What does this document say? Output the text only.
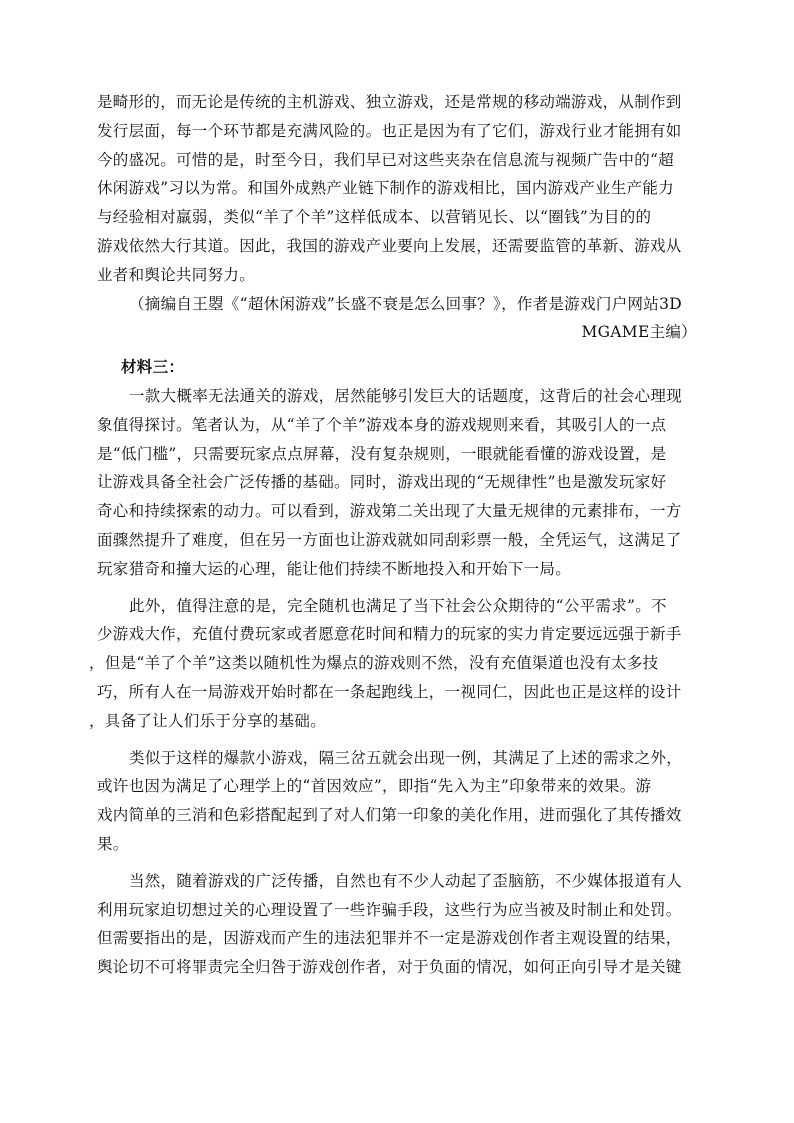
是畸形的，而无论是传统的主机游戏、独立游戏，还是常规的移动端游戏，从制作到
发行层面，每一个环节都是充满风险的。也正是因为有了它们，游戏行业才能拥有如
今的盛况。可惜的是，时至今日，我们早已对这些夹杂在信息流与视频广告中的“超
休闲游戏”习以为常。和国外成熟产业链下制作的游戏相比，国内游戏产业生产能力
与经验相对羸弱，类似“羊了个羊”这样低成本、以营销见长、以“圈钱”为目的的
游戏依然大行其道。因此，我国的游戏产业要向上发展，还需要监管的革新、游戏从
业者和舆论共同努力。
（摘编自王曌《“超休闲游戏”长盛不衰是怎么回事？》，作者是游戏门户网站3D
MGAME主编）
材料三：
一款大概率无法通关的游戏，居然能够引发巨大的话题度，这背后的社会心理现
象值得探讨。笔者认为，从“羊了个羊”游戏本身的游戏规则来看，其吸引人的一点
是“低门槛”，只需要玩家点点屏幕，没有复杂规则，一眼就能看懂的游戏设置，是
让游戏具备全社会广泛传播的基础。同时，游戏出现的“无规律性”也是激发玩家好
奇心和持续探索的动力。可以看到，游戏第二关出现了大量无规律的元素排布，一方
面骤然提升了难度，但在另一方面也让游戏就如同刮彩票一般，全凭运气，这满足了
玩家猎奇和撞大运的心理，能让他们持续不断地投入和开始下一局。
此外，值得注意的是，完全随机也满足了当下社会公众期待的“公平需求”。不
少游戏大作，充值付费玩家或者愿意花时间和精力的玩家的实力肯定要远远强于新手
，但是“羊了个羊”这类以随机性为爆点的游戏则不然，没有充值渠道也没有太多技
巧，所有人在一局游戏开始时都在一条起跑线上，一视同仁，因此也正是这样的设计
，具备了让人们乐于分享的基础。
类似于这样的爆款小游戏，隔三岔五就会出现一例，其满足了上述的需求之外，
或许也因为满足了心理学上的“首因效应”，即指“先入为主”印象带来的效果。游
戏内简单的三消和色彩搭配起到了对人们第一印象的美化作用，进而强化了其传播效
果。
当然，随着游戏的广泛传播，自然也有不少人动起了歪脑筋，不少媒体报道有人
利用玩家迫切想过关的心理设置了一些诈骗手段，这些行为应当被及时制止和处罚。
但需要指出的是，因游戏而产生的违法犯罪并不一定是游戏创作者主观设置的结果，
舆论切不可将罪责完全归咎于游戏创作者，对于负面的情况，如何正向引导才是关键
